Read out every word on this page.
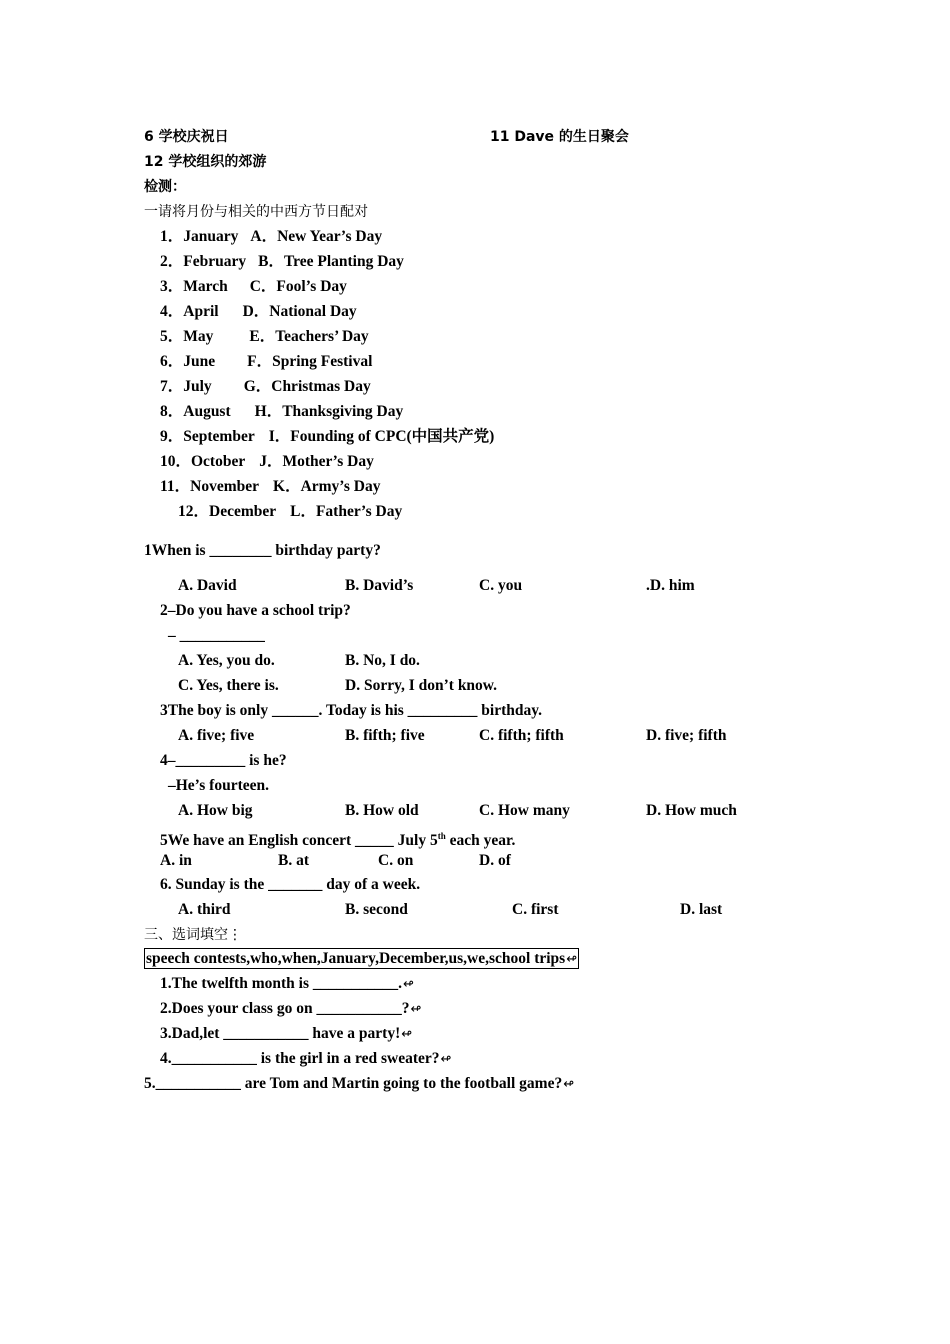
6 学校庆祝日	11 Dave 的生日聚会
12 学校组织的郊游
检测：
一请将月份与相关的中西方节日配对
1．January A．New Year’s Day
2．February B．Tree Planting Day
3．March C．Fool’s Day
4．April D．National Day
5．May E．Teachers’ Day
6．June F．Spring Festival
7．July G．Christmas Day
8．August H．Thanksgiving Day
9．September I．Founding of CPC(中国共产党)
10．October J．Mother’s Day
11．November K．Army’s Day
12．December L．Father’s Day
1When is ________ birthday party?
A. David	B. David’s	C. you	.D. him
2–Do you have a school trip?
– ___________
A. Yes, you do.	B. No, I do.
C. Yes, there is.	D. Sorry, I don’t know.
3The boy is only ______. Today is his _________ birthday.
A. five; five	B. fifth; five	C. fifth; fifth	D. five; fifth
4–_________ is he?
–He’s fourteen.
A. How big	B. How old	C. How many	D. How much
5We have an English concert _____ July 5th each year.
A. in	B. at	C. on	D. of
6. Sunday is the _______ day of a week.
A. third	B. second	C. first	D. last
三、选词填空⋮
speech contests,who,when,January,December,us,we,school trips↫
1.The twelfth month is ___________.↫
2.Does your class go on ___________?↫
3.Dad,let ___________ have a party!↫
4.___________ is the girl in a red sweater?↫
5.___________ are Tom and Martin going to the football game?↫
